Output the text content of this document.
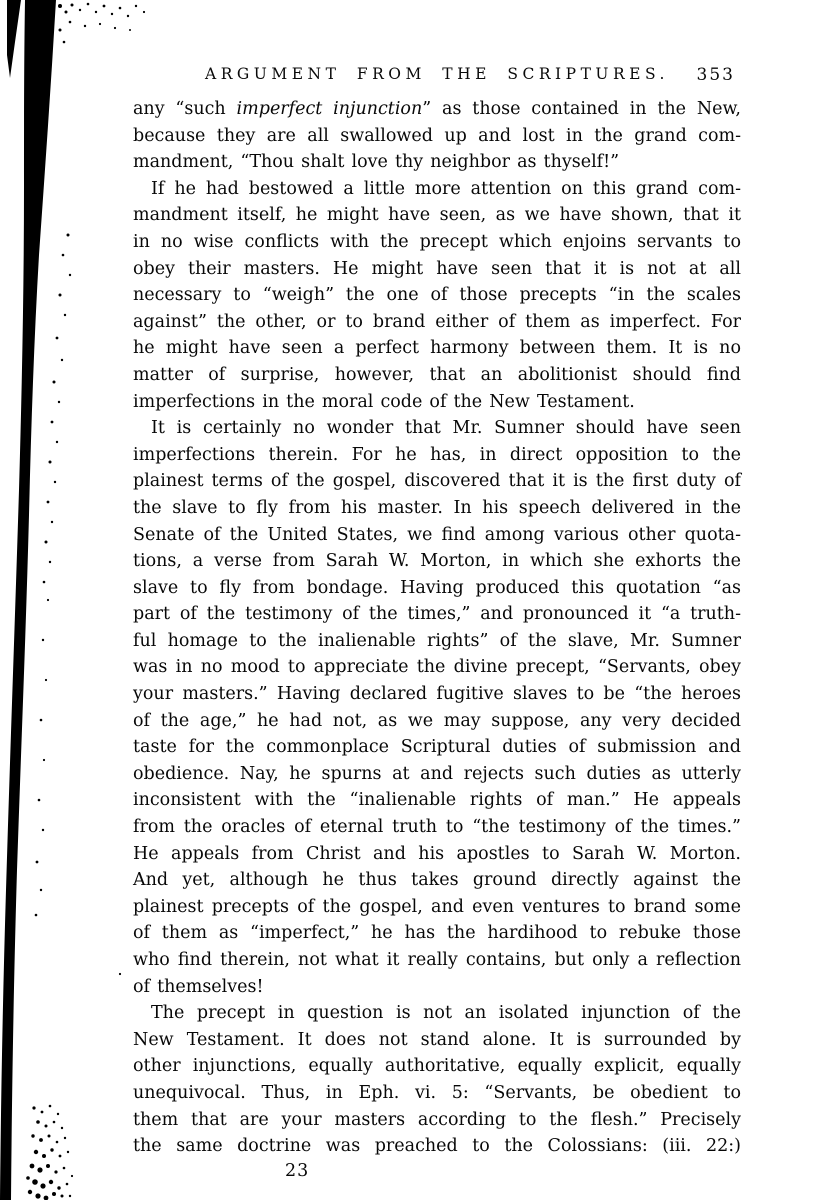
ARGUMENT FROM THE SCRIPTURES. 353
any “such imperfect injunction” as those contained in the New,
because they are all swallowed up and lost in the grand com-
mandment, “Thou shalt love thy neighbor as thyself!”
If he had bestowed a little more attention on this grand com-
mandment itself, he might have seen, as we have shown, that it
in no wise conflicts with the precept which enjoins servants to
obey their masters. He might have seen that it is not at all
necessary to “weigh” the one of those precepts “in the scales
against” the other, or to brand either of them as imperfect. For
he might have seen a perfect harmony between them. It is no
matter of surprise, however, that an abolitionist should find
imperfections in the moral code of the New Testament.
It is certainly no wonder that Mr. Sumner should have seen
imperfections therein. For he has, in direct opposition to the
plainest terms of the gospel, discovered that it is the first duty of
the slave to fly from his master. In his speech delivered in the
Senate of the United States, we find among various other quota-
tions, a verse from Sarah W. Morton, in which she exhorts the
slave to fly from bondage. Having produced this quotation “as
part of the testimony of the times,” and pronounced it “a truth-
ful homage to the inalienable rights” of the slave, Mr. Sumner
was in no mood to appreciate the divine precept, “Servants, obey
your masters.” Having declared fugitive slaves to be “the heroes
of the age,” he had not, as we may suppose, any very decided
taste for the commonplace Scriptural duties of submission and
obedience. Nay, he spurns at and rejects such duties as utterly
inconsistent with the “inalienable rights of man.” He appeals
from the oracles of eternal truth to “the testimony of the times.”
He appeals from Christ and his apostles to Sarah W. Morton.
And yet, although he thus takes ground directly against the
plainest precepts of the gospel, and even ventures to brand some
of them as “imperfect,” he has the hardihood to rebuke those
who find therein, not what it really contains, but only a reflection
of themselves!
The precept in question is not an isolated injunction of the
New Testament. It does not stand alone. It is surrounded by
other injunctions, equally authoritative, equally explicit, equally
unequivocal. Thus, in Eph. vi. 5: “Servants, be obedient to
them that are your masters according to the flesh.” Precisely
the same doctrine was preached to the Colossians: (iii. 22:)
23
